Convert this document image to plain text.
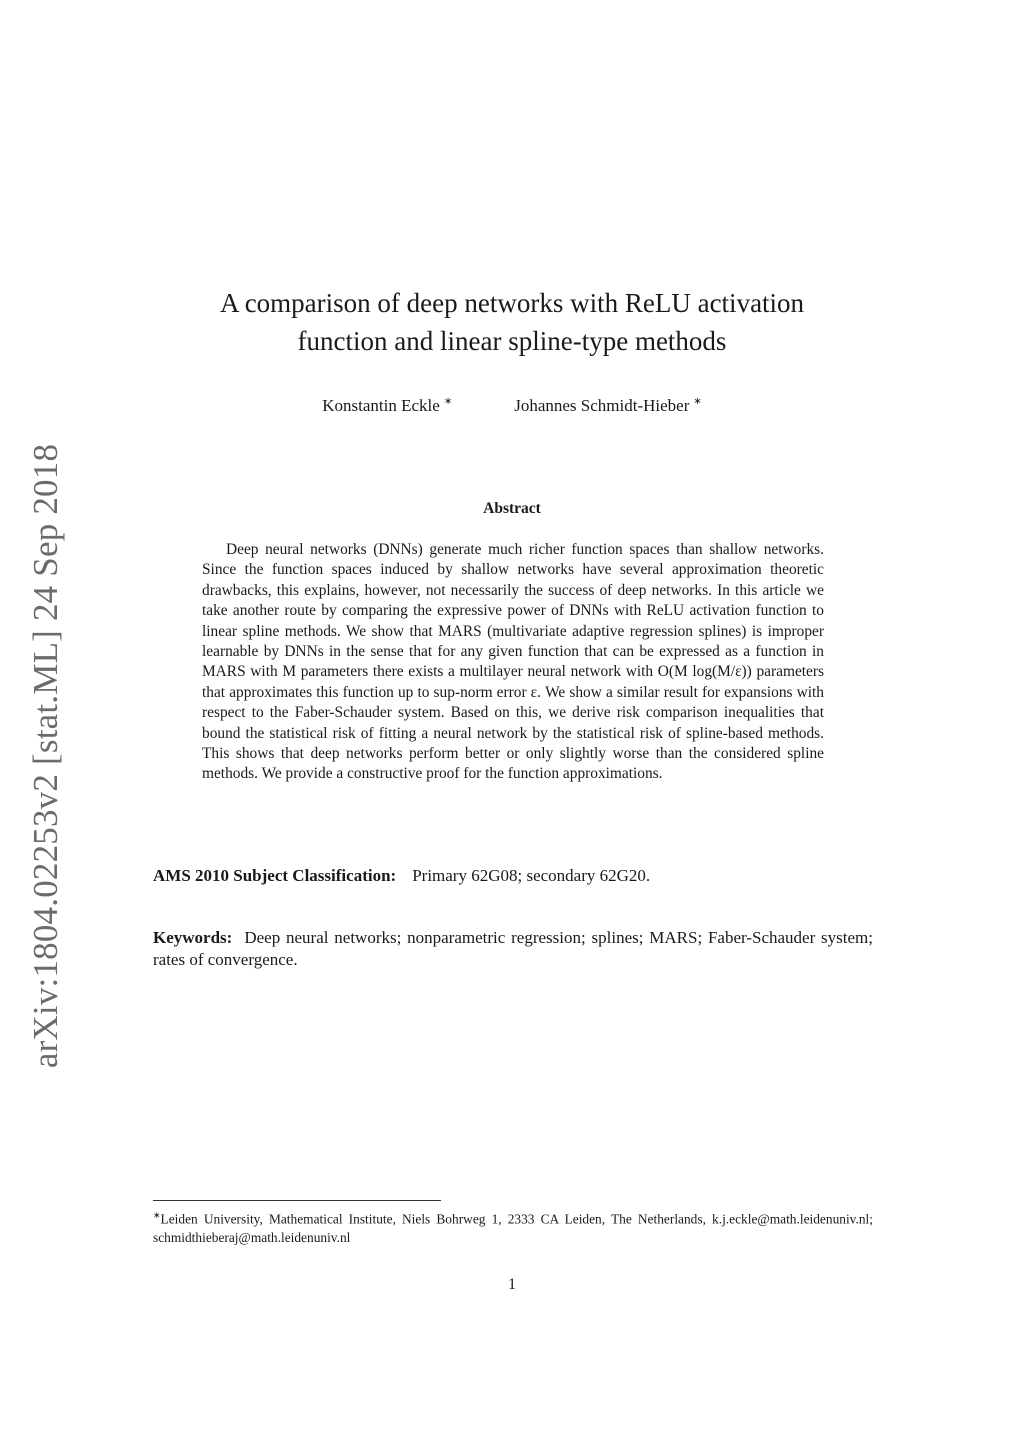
arXiv:1804.02253v2 [stat.ML] 24 Sep 2018
A comparison of deep networks with ReLU activation
function and linear spline-type methods
Konstantin Eckle ∗	Johannes Schmidt-Hieber ∗
Abstract

Deep neural networks (DNNs) generate much richer function spaces than shallow networks. Since the function spaces induced by shallow networks have several approximation theoretic drawbacks, this explains, however, not necessarily the success of deep networks. In this article we take another route by comparing the expressive power of DNNs with ReLU activation function to linear spline methods. We show that MARS (multivariate adaptive regression splines) is improper learnable by DNNs in the sense that for any given function that can be expressed as a function in MARS with M parameters there exists a multilayer neural network with O(M log(M/ε)) parameters that approximates this function up to sup-norm error ε. We show a similar result for expansions with respect to the Faber-Schauder system. Based on this, we derive risk comparison inequalities that bound the statistical risk of fitting a neural network by the statistical risk of spline-based methods. This shows that deep networks perform better or only slightly worse than the considered spline methods. We provide a constructive proof for the function approximations.

AMS 2010 Subject Classification: Primary 62G08; secondary 62G20.

Keywords: Deep neural networks; nonparametric regression; splines; MARS; Faber-Schauder system; rates of convergence.

∗Leiden University, Mathematical Institute, Niels Bohrweg 1, 2333 CA Leiden, The Netherlands, k.j.eckle@math.leidenuniv.nl; schmidthieberaj@math.leidenuniv.nl

1
